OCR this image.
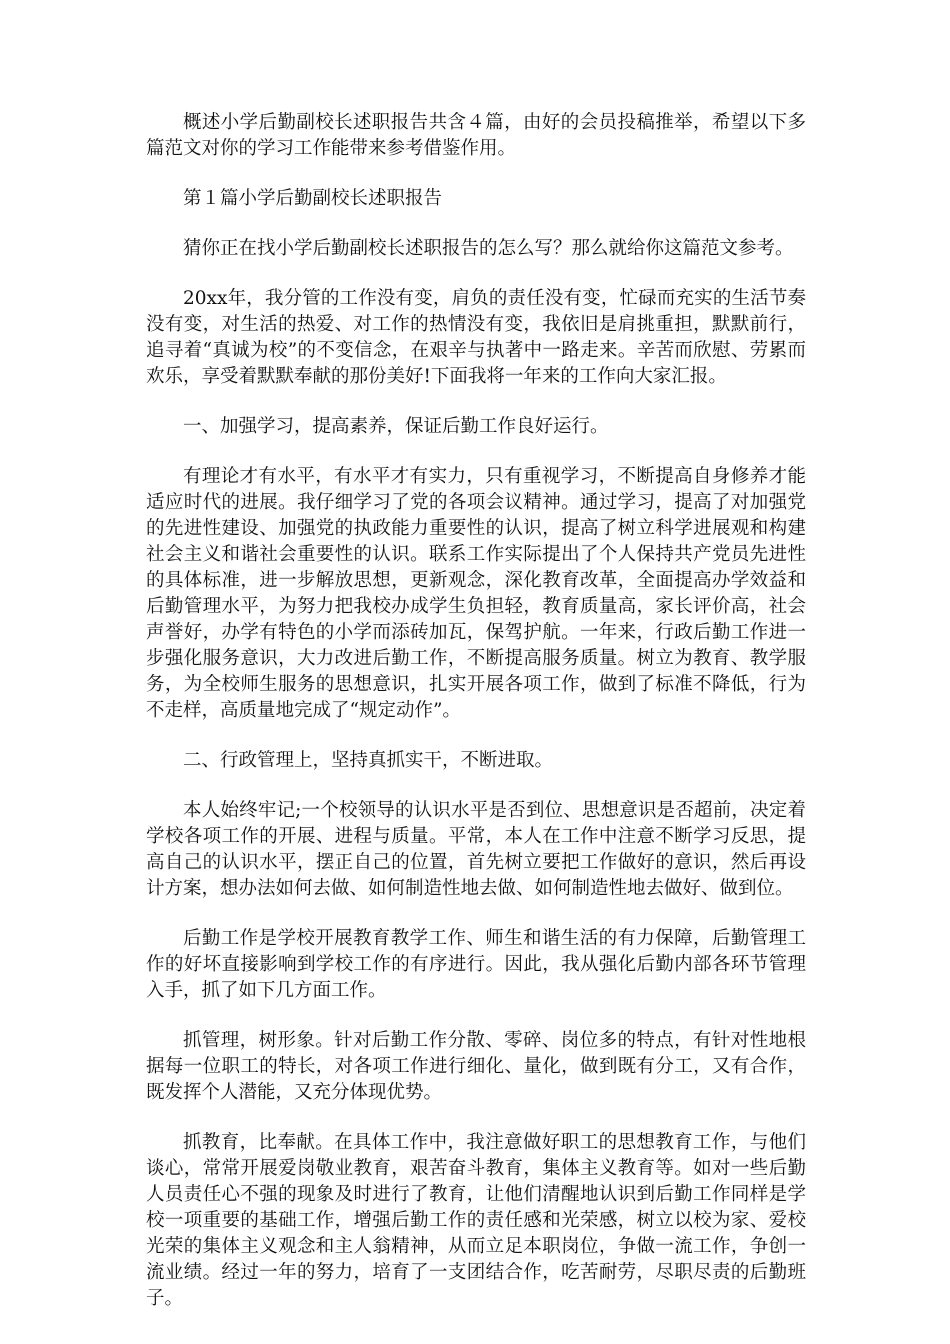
概述小学后勤副校长述职报告共含４篇，由好的会员投稿推举，希望以下多篇范文对你的学习工作能带来参考借鉴作用。

第１篇小学后勤副校长述职报告

猜你正在找小学后勤副校长述职报告的怎么写？那么就给你这篇范文参考。

20xx年，我分管的工作没有变，肩负的责任没有变，忙碌而充实的生活节奏没有变，对生活的热爱、对工作的热情没有变，我依旧是肩挑重担，默默前行，追寻着“真诚为校”的不变信念，在艰辛与执著中一路走来。辛苦而欣慰、劳累而欢乐，享受着默默奉献的那份美好!下面我将一年来的工作向大家汇报。

一、加强学习，提高素养，保证后勤工作良好运行。

有理论才有水平，有水平才有实力，只有重视学习，不断提高自身修养才能适应时代的进展。我仔细学习了党的各项会议精神。通过学习，提高了对加强党的先进性建设、加强党的执政能力重要性的认识，提高了树立科学进展观和构建社会主义和谐社会重要性的认识。联系工作实际提出了个人保持共产党员先进性的具体标准，进一步解放思想，更新观念，深化教育改革，全面提高办学效益和后勤管理水平，为努力把我校办成学生负担轻，教育质量高，家长评价高，社会声誉好，办学有特色的小学而添砖加瓦，保驾护航。一年来，行政后勤工作进一步强化服务意识，大力改进后勤工作，不断提高服务质量。树立为教育、教学服务，为全校师生服务的思想意识，扎实开展各项工作，做到了标准不降低，行为不走样，高质量地完成了“规定动作”。

二、行政管理上，坚持真抓实干，不断进取。

本人始终牢记;一个校领导的认识水平是否到位、思想意识是否超前，决定着学校各项工作的开展、进程与质量。平常，本人在工作中注意不断学习反思，提高自己的认识水平，摆正自己的位置，首先树立要把工作做好的意识，然后再设计方案，想办法如何去做、如何制造性地去做、如何制造性地去做好、做到位。

后勤工作是学校开展教育教学工作、师生和谐生活的有力保障，后勤管理工作的好坏直接影响到学校工作的有序进行。因此，我从强化后勤内部各环节管理入手，抓了如下几方面工作。

抓管理，树形象。针对后勤工作分散、零碎、岗位多的特点，有针对性地根据每一位职工的特长，对各项工作进行细化、量化，做到既有分工，又有合作，既发挥个人潜能，又充分体现优势。

抓教育，比奉献。在具体工作中，我注意做好职工的思想教育工作，与他们谈心，常常开展爱岗敬业教育，艰苦奋斗教育，集体主义教育等。如对一些后勤人员责任心不强的现象及时进行了教育，让他们清醒地认识到后勤工作同样是学校一项重要的基础工作，增强后勤工作的责任感和光荣感，树立以校为家、爱校光荣的集体主义观念和主人翁精神，从而立足本职岗位，争做一流工作，争创一流业绩。经过一年的努力，培育了一支团结合作，吃苦耐劳，尽职尽责的后勤班子。
